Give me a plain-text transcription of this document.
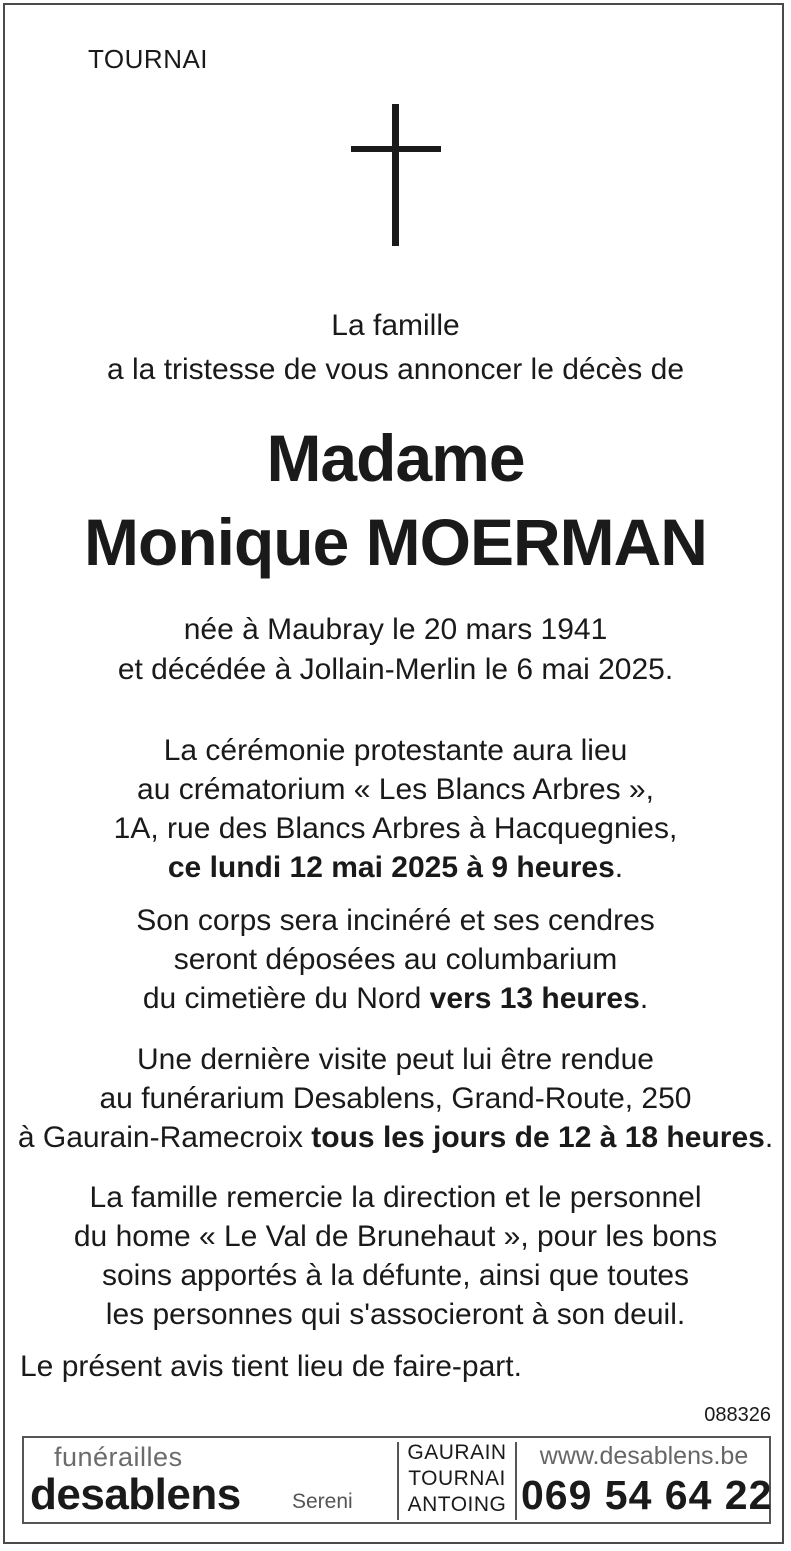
TOURNAI
La famille
a la tristesse de vous annoncer le décès de
Madame
Monique MOERMAN
née à Maubray le 20 mars 1941
et décédée à Jollain-Merlin le 6 mai 2025.
La cérémonie protestante aura lieu
au crématorium « Les Blancs Arbres »,
1A, rue des Blancs Arbres à Hacquegnies,
ce lundi 12 mai 2025 à 9 heures.
Son corps sera incinéré et ses cendres
seront déposées au columbarium
du cimetière du Nord vers 13 heures.
Une dernière visite peut lui être rendue
au funérarium Desablens, Grand-Route, 250
à Gaurain-Ramecroix tous les jours de 12 à 18 heures.
La famille remercie la direction et le personnel
du home « Le Val de Brunehaut », pour les bons
soins apportés à la défunte, ainsi que toutes
les personnes qui s'associeront à son deuil.
Le présent avis tient lieu de faire-part.
088326
funérailles
desablens Sereni
GAURAIN
TOURNAI
ANTOING
www.desablens.be
069 54 64 22
